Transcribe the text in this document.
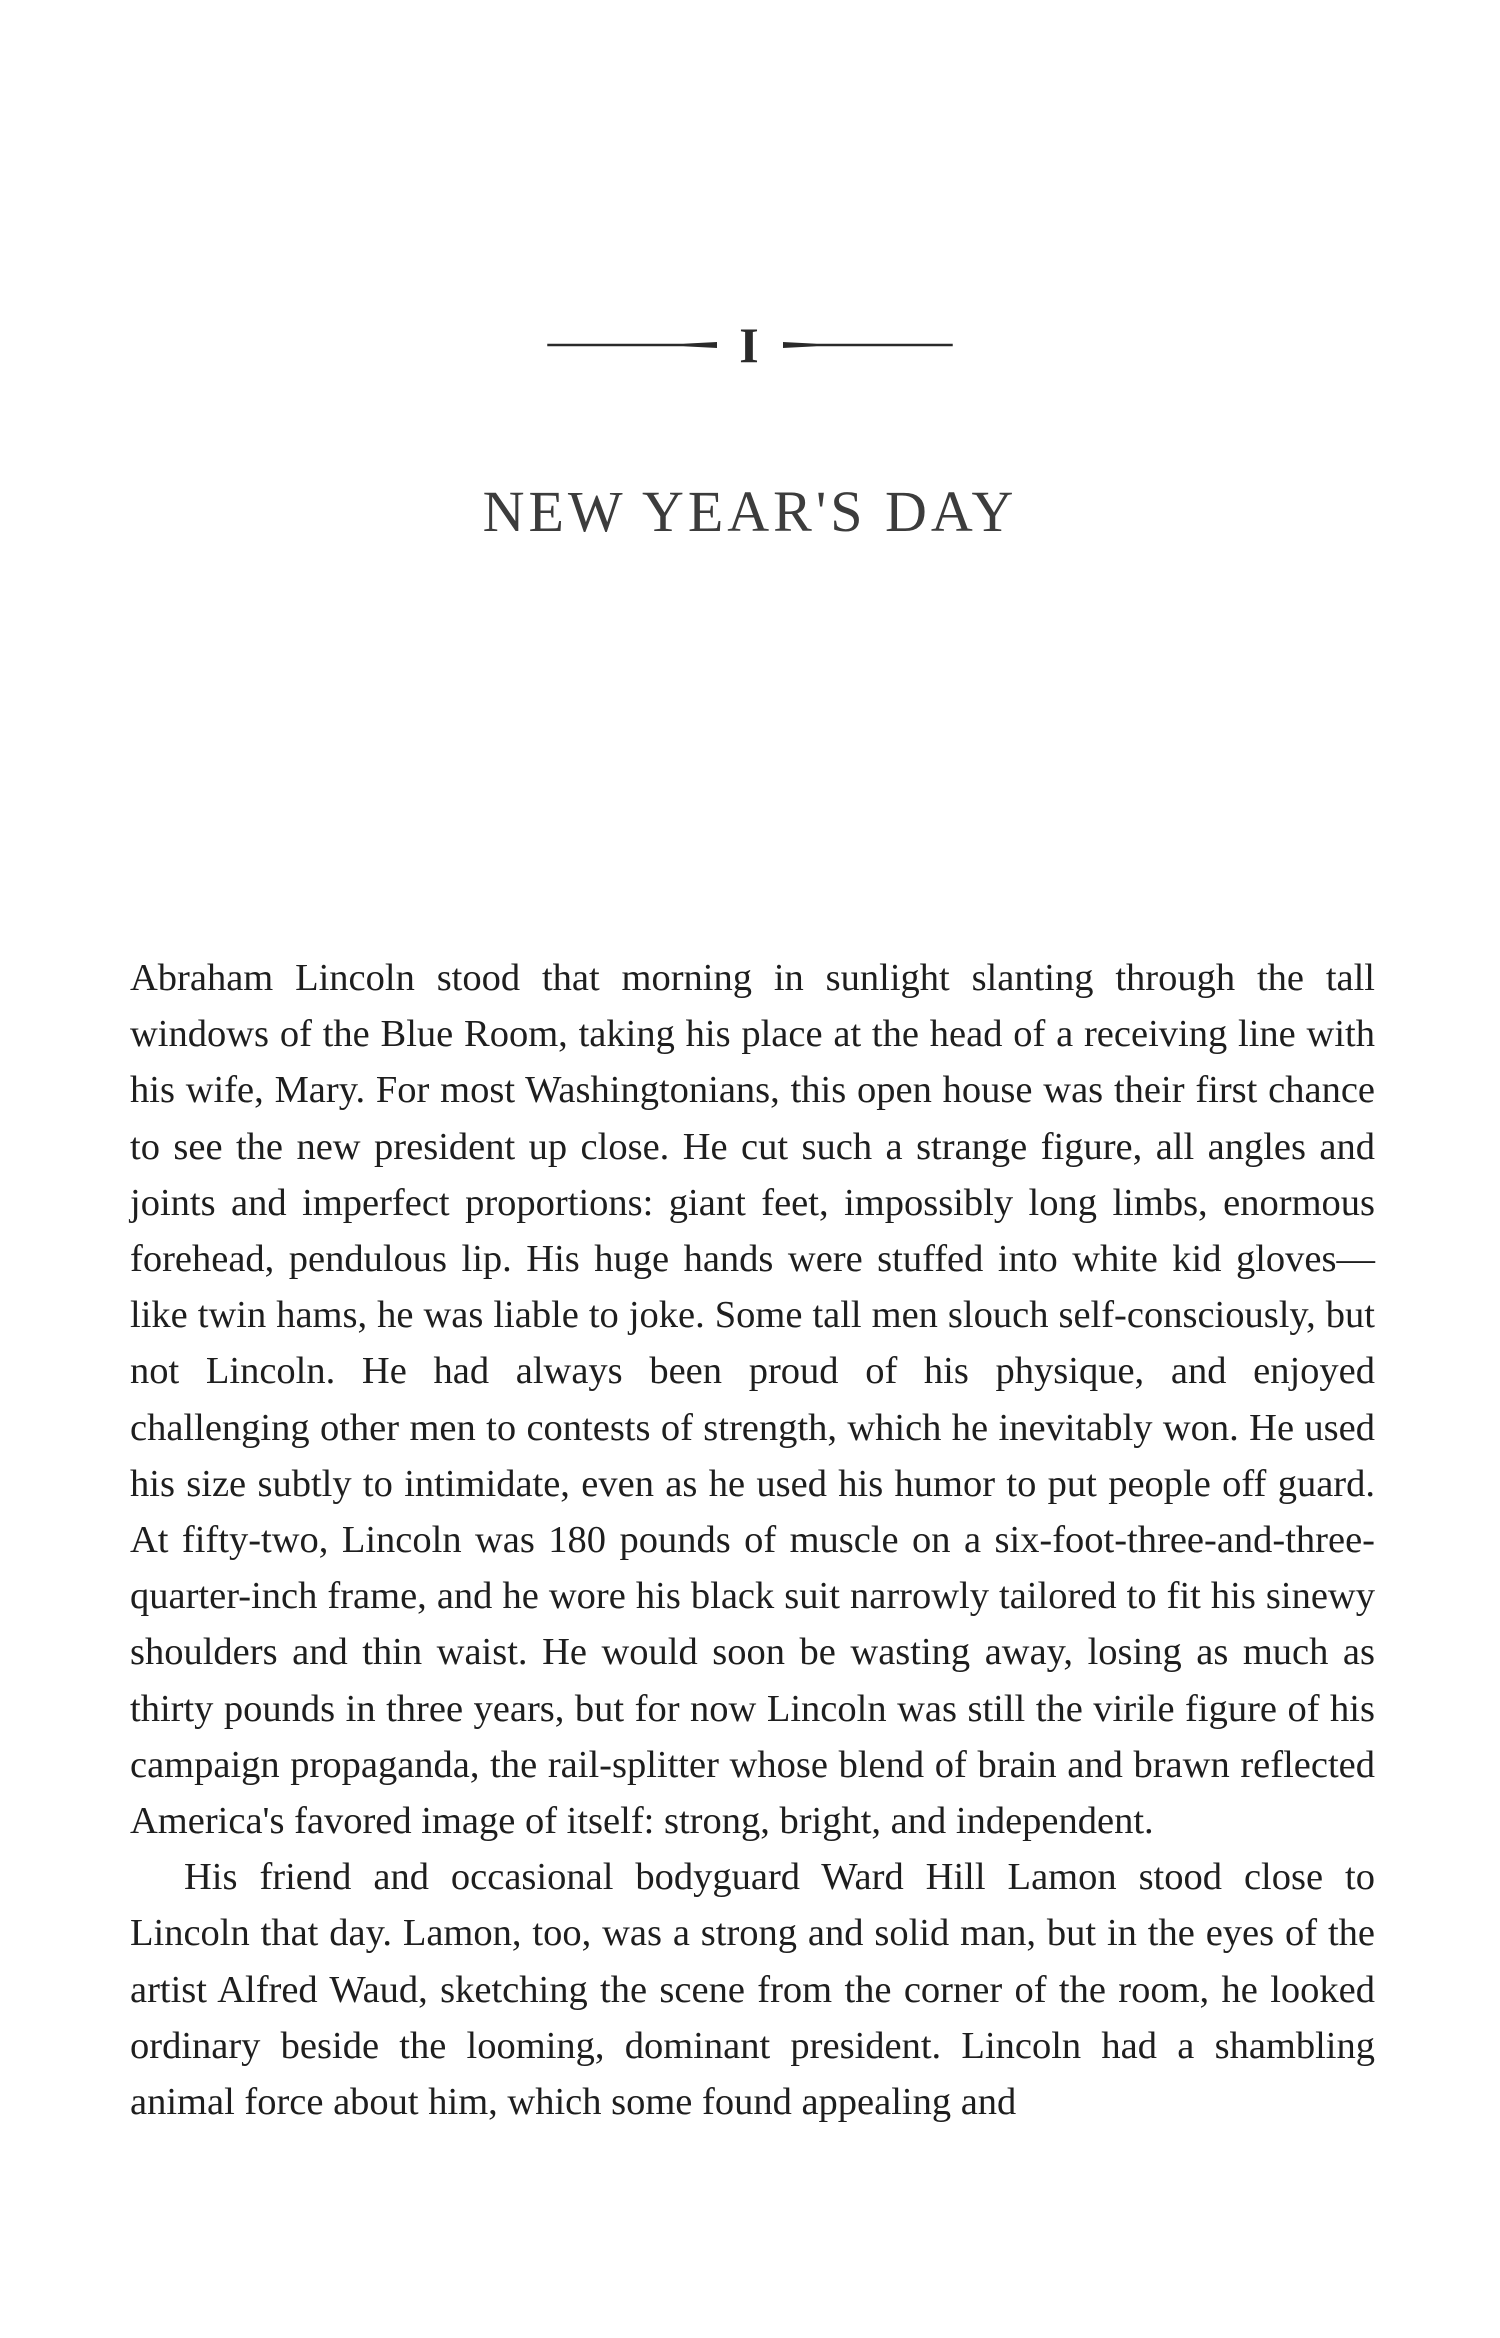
I
NEW YEAR'S DAY

Abraham Lincoln stood that morning in sunlight slanting through the tall windows of the Blue Room, taking his place at the head of a receiving line with his wife, Mary. For most Washingtonians, this open house was their first chance to see the new president up close. He cut such a strange figure, all angles and joints and imperfect proportions: giant feet, impossibly long limbs, enormous forehead, pendulous lip. His huge hands were stuffed into white kid gloves—like twin hams, he was liable to joke. Some tall men slouch self-consciously, but not Lincoln. He had always been proud of his physique, and enjoyed challenging other men to contests of strength, which he inevitably won. He used his size subtly to intimidate, even as he used his humor to put people off guard. At fifty-two, Lincoln was 180 pounds of muscle on a six-foot-three-and-three-quarter-inch frame, and he wore his black suit narrowly tailored to fit his sinewy shoulders and thin waist. He would soon be wasting away, losing as much as thirty pounds in three years, but for now Lincoln was still the virile figure of his campaign propaganda, the rail-splitter whose blend of brain and brawn reflected America's favored image of itself: strong, bright, and independent.

His friend and occasional bodyguard Ward Hill Lamon stood close to Lincoln that day. Lamon, too, was a strong and solid man, but in the eyes of the artist Alfred Waud, sketching the scene from the corner of the room, he looked ordinary beside the looming, dominant president. Lincoln had a shambling animal force about him, which some found appealing and
